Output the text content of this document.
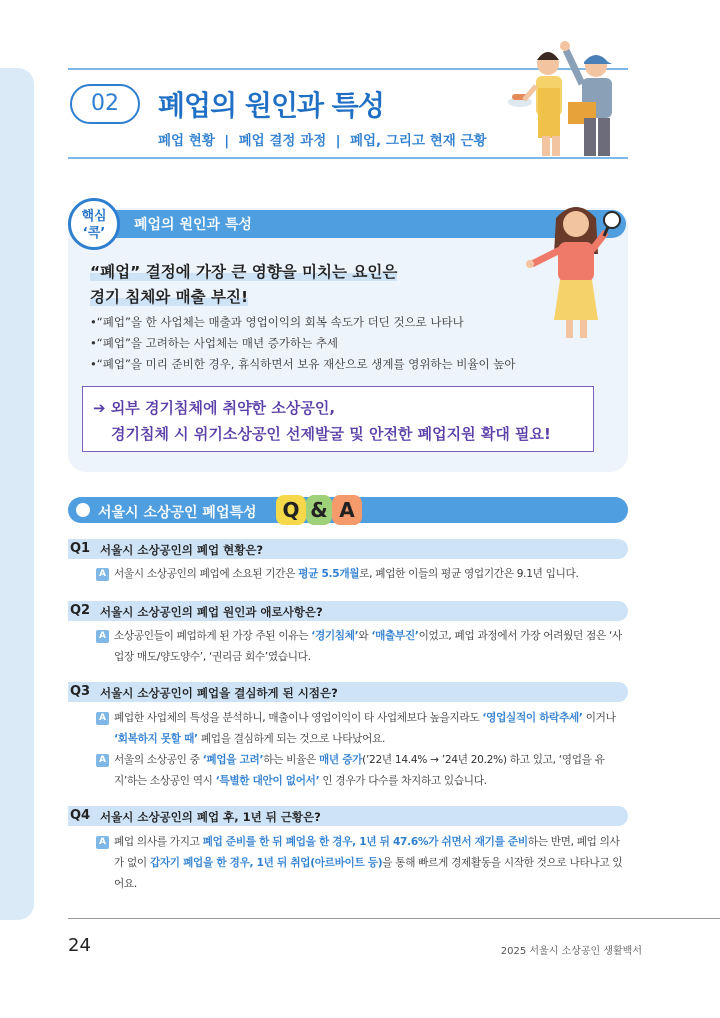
02	폐업의 원인과 특성
폐업 현황  |  폐업 결정 과정  |  폐업, 그리고 현재 근황
폐업의 원인과 특성
핵심
‘콕’
“폐업” 결정에 가장 큰 영향을 미치는 요인은
경기 침체와 매출 부진!
•“폐업”을 한 사업체는 매출과 영업이익의 회복 속도가 더딘 것으로 나타나
•“폐업”을 고려하는 사업체는 매년 증가하는 추세
•“폐업”을 미리 준비한 경우, 휴식하면서 보유 재산으로 생계를 영위하는 비율이 높아
➔ 외부 경기침체에 취약한 소상공인,
경기침체 시 위기소상공인 선제발굴 및 안전한 폐업지원 확대 필요!
서울시 소상공인 폐업특성	Q & A
Q1 서울시 소상공인의 폐업 현황은?
A 서울시 소상공인의 폐업에 소요된 기간은 평균 5.5개월로, 폐업한 이들의 평균 영업기간은 9.1년 입니다.
Q2 서울시 소상공인의 폐업 원인과 애로사항은?
A 소상공인들이 폐업하게 된 가장 주된 이유는 ‘경기침체’와 ‘매출부진’이었고, 폐업 과정에서 가장 어려웠던 점은 ‘사업장 매도/양도양수’, ‘권리금 회수’였습니다.
Q3 서울시 소상공인이 폐업을 결심하게 된 시점은?
A 폐업한 사업체의 특성을 분석하니, 매출이나 영업이익이 타 사업체보다 높을지라도 ‘영업실적이 하락추세’ 이거나 ‘회복하지 못할 때’ 폐업을 결심하게 되는 것으로 나타났어요.
A 서울의 소상공인 중 ‘폐업을 고려’하는 비율은 매년 증가(’22년 14.4% → ’24년 20.2%) 하고 있고, ‘영업을 유지’하는 소상공인 역시 ‘특별한 대안이 없어서’ 인 경우가 다수를 차지하고 있습니다.
Q4 서울시 소상공인의 폐업 후, 1년 뒤 근황은?
A 폐업 의사를 가지고 폐업 준비를 한 뒤 폐업을 한 경우, 1년 뒤 47.6%가 쉬면서 재기를 준비하는 반면, 폐업 의사가 없이 갑자기 폐업을 한 경우, 1년 뒤 취업(아르바이트 등)을 통해 빠르게 경제활동을 시작한 것으로 나타나고 있어요.
24	2025 서울시 소상공인 생활백서
